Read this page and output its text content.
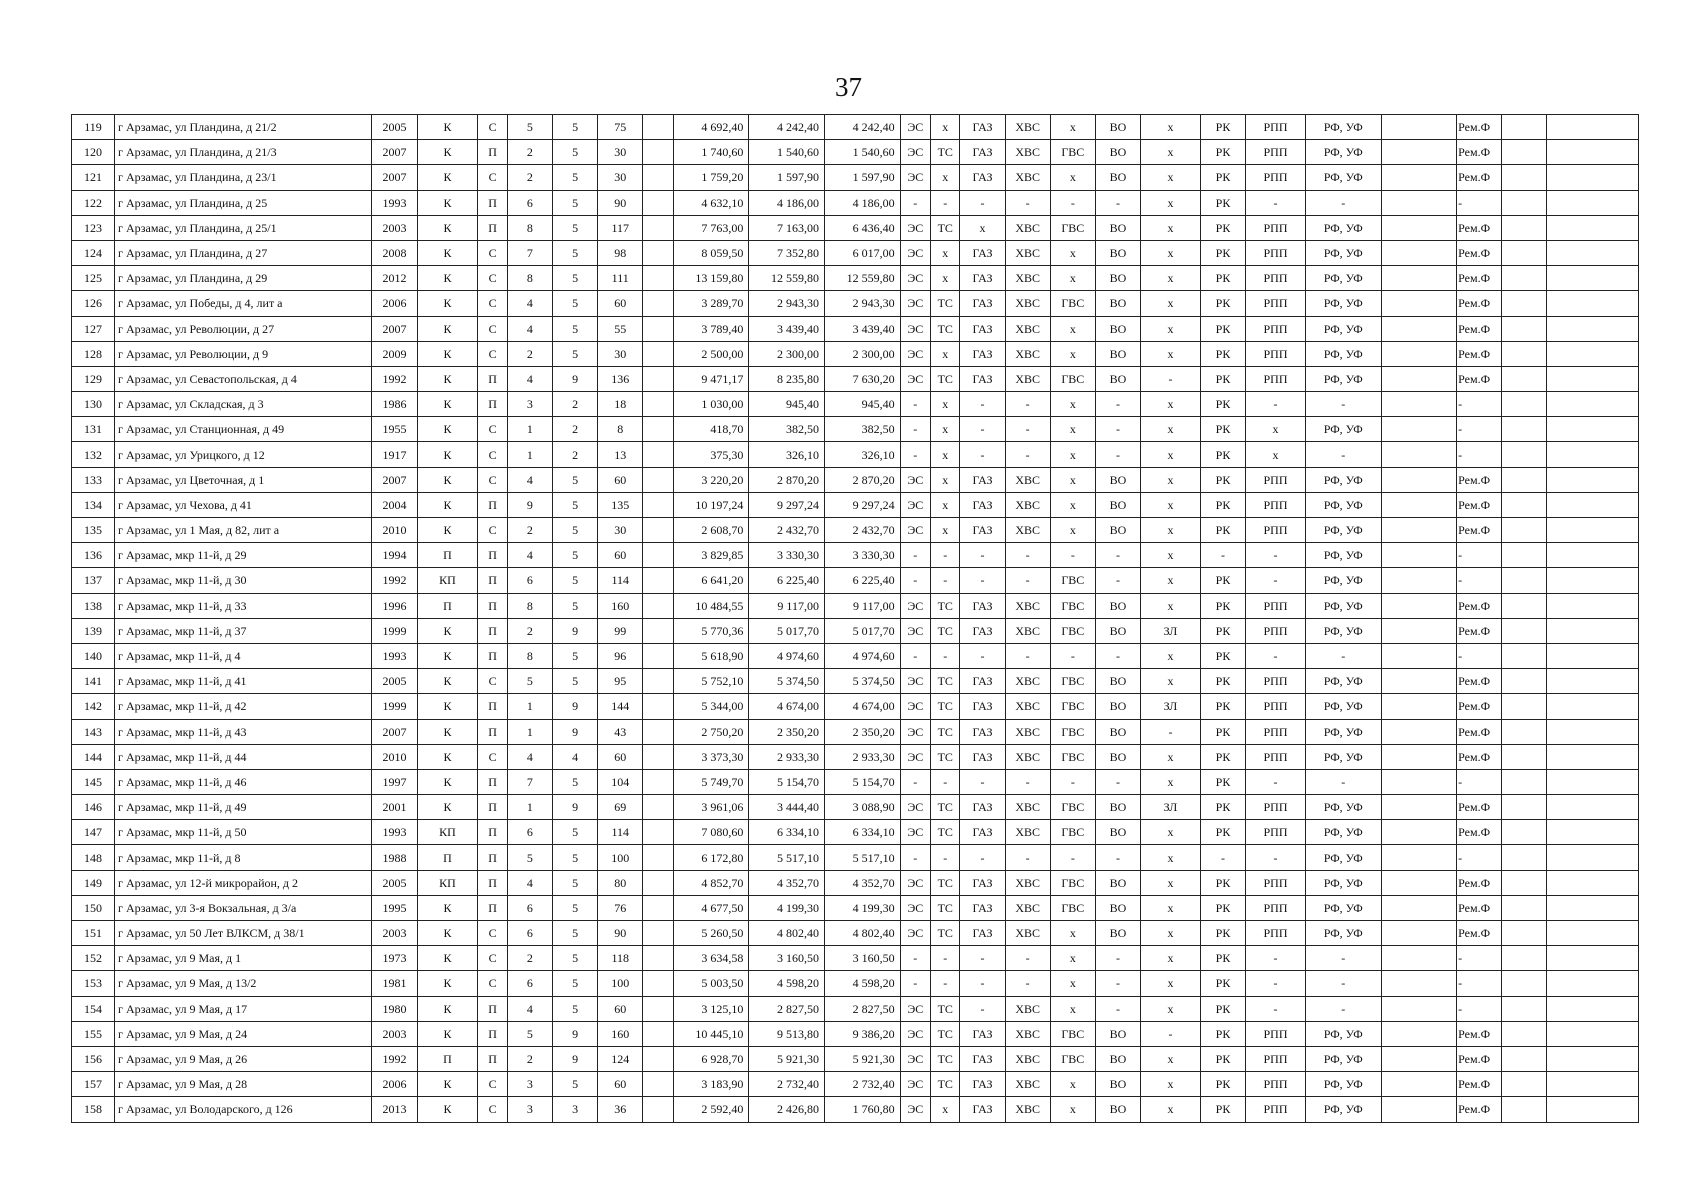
37
119	г Арзамас, ул Пландина, д 21/2	2005	К	С	5	5	75		4 692,40	4 242,40	4 242,40	ЭС	х	ГАЗ	ХВС	х	ВО	х	РК	РПП	РФ, УФ		Рем.Ф		
120	г Арзамас, ул Пландина, д 21/3	2007	К	П	2	5	30		1 740,60	1 540,60	1 540,60	ЭС	ТС	ГАЗ	ХВС	ГВС	ВО	х	РК	РПП	РФ, УФ		Рем.Ф		
121	г Арзамас, ул Пландина, д 23/1	2007	К	С	2	5	30		1 759,20	1 597,90	1 597,90	ЭС	х	ГАЗ	ХВС	х	ВО	х	РК	РПП	РФ, УФ		Рем.Ф		
122	г Арзамас, ул Пландина, д 25	1993	К	П	6	5	90		4 632,10	4 186,00	4 186,00	-	-	-	-	-	-	х	РК	-	-		-		
123	г Арзамас, ул Пландина, д 25/1	2003	К	П	8	5	117		7 763,00	7 163,00	6 436,40	ЭС	ТС	х	ХВС	ГВС	ВО	х	РК	РПП	РФ, УФ		Рем.Ф		
124	г Арзамас, ул Пландина, д 27	2008	К	С	7	5	98		8 059,50	7 352,80	6 017,00	ЭС	х	ГАЗ	ХВС	х	ВО	х	РК	РПП	РФ, УФ		Рем.Ф		
125	г Арзамас, ул Пландина, д 29	2012	К	С	8	5	111		13 159,80	12 559,80	12 559,80	ЭС	х	ГАЗ	ХВС	х	ВО	х	РК	РПП	РФ, УФ		Рем.Ф		
126	г Арзамас, ул Победы, д 4, лит а	2006	К	С	4	5	60		3 289,70	2 943,30	2 943,30	ЭС	ТС	ГАЗ	ХВС	ГВС	ВО	х	РК	РПП	РФ, УФ		Рем.Ф		
127	г Арзамас, ул Революции, д 27	2007	К	С	4	5	55		3 789,40	3 439,40	3 439,40	ЭС	ТС	ГАЗ	ХВС	х	ВО	х	РК	РПП	РФ, УФ		Рем.Ф		
128	г Арзамас, ул Революции, д 9	2009	К	С	2	5	30		2 500,00	2 300,00	2 300,00	ЭС	х	ГАЗ	ХВС	х	ВО	х	РК	РПП	РФ, УФ		Рем.Ф		
129	г Арзамас, ул Севастопольская, д 4	1992	К	П	4	9	136		9 471,17	8 235,80	7 630,20	ЭС	ТС	ГАЗ	ХВС	ГВС	ВО	-	РК	РПП	РФ, УФ		Рем.Ф		
130	г Арзамас, ул Складская, д 3	1986	К	П	3	2	18		1 030,00	945,40	945,40	-	х	-	-	х	-	х	РК	-	-		-		
131	г Арзамас, ул Станционная, д 49	1955	К	С	1	2	8		418,70	382,50	382,50	-	х	-	-	х	-	х	РК	х	РФ, УФ		-		
132	г Арзамас, ул Урицкого, д 12	1917	К	С	1	2	13		375,30	326,10	326,10	-	х	-	-	х	-	х	РК	х	-		-		
133	г Арзамас, ул Цветочная, д 1	2007	К	С	4	5	60		3 220,20	2 870,20	2 870,20	ЭС	х	ГАЗ	ХВС	х	ВО	х	РК	РПП	РФ, УФ		Рем.Ф		
134	г Арзамас, ул Чехова, д 41	2004	К	П	9	5	135		10 197,24	9 297,24	9 297,24	ЭС	х	ГАЗ	ХВС	х	ВО	х	РК	РПП	РФ, УФ		Рем.Ф		
135	г Арзамас, ул 1 Мая, д 82, лит а	2010	К	С	2	5	30		2 608,70	2 432,70	2 432,70	ЭС	х	ГАЗ	ХВС	х	ВО	х	РК	РПП	РФ, УФ		Рем.Ф		
136	г Арзамас, мкр 11-й, д 29	1994	П	П	4	5	60		3 829,85	3 330,30	3 330,30	-	-	-	-	-	-	х	-	-	РФ, УФ		-		
137	г Арзамас, мкр 11-й, д 30	1992	КП	П	6	5	114		6 641,20	6 225,40	6 225,40	-	-	-	-	ГВС	-	х	РК	-	РФ, УФ		-		
138	г Арзамас, мкр 11-й, д 33	1996	П	П	8	5	160		10 484,55	9 117,00	9 117,00	ЭС	ТС	ГАЗ	ХВС	ГВС	ВО	х	РК	РПП	РФ, УФ		Рем.Ф		
139	г Арзамас, мкр 11-й, д 37	1999	К	П	2	9	99		5 770,36	5 017,70	5 017,70	ЭС	ТС	ГАЗ	ХВС	ГВС	ВО	ЗЛ	РК	РПП	РФ, УФ		Рем.Ф		
140	г Арзамас, мкр 11-й, д 4	1993	К	П	8	5	96		5 618,90	4 974,60	4 974,60	-	-	-	-	-	-	х	РК	-	-		-		
141	г Арзамас, мкр 11-й, д 41	2005	К	С	5	5	95		5 752,10	5 374,50	5 374,50	ЭС	ТС	ГАЗ	ХВС	ГВС	ВО	х	РК	РПП	РФ, УФ		Рем.Ф		
142	г Арзамас, мкр 11-й, д 42	1999	К	П	1	9	144		5 344,00	4 674,00	4 674,00	ЭС	ТС	ГАЗ	ХВС	ГВС	ВО	ЗЛ	РК	РПП	РФ, УФ		Рем.Ф		
143	г Арзамас, мкр 11-й, д 43	2007	К	П	1	9	43		2 750,20	2 350,20	2 350,20	ЭС	ТС	ГАЗ	ХВС	ГВС	ВО	-	РК	РПП	РФ, УФ		Рем.Ф		
144	г Арзамас, мкр 11-й, д 44	2010	К	С	4	4	60		3 373,30	2 933,30	2 933,30	ЭС	ТС	ГАЗ	ХВС	ГВС	ВО	х	РК	РПП	РФ, УФ		Рем.Ф		
145	г Арзамас, мкр 11-й, д 46	1997	К	П	7	5	104		5 749,70	5 154,70	5 154,70	-	-	-	-	-	-	х	РК	-	-		-		
146	г Арзамас, мкр 11-й, д 49	2001	К	П	1	9	69		3 961,06	3 444,40	3 088,90	ЭС	ТС	ГАЗ	ХВС	ГВС	ВО	ЗЛ	РК	РПП	РФ, УФ		Рем.Ф		
147	г Арзамас, мкр 11-й, д 50	1993	КП	П	6	5	114		7 080,60	6 334,10	6 334,10	ЭС	ТС	ГАЗ	ХВС	ГВС	ВО	х	РК	РПП	РФ, УФ		Рем.Ф		
148	г Арзамас, мкр 11-й, д 8	1988	П	П	5	5	100		6 172,80	5 517,10	5 517,10	-	-	-	-	-	-	х	-	-	РФ, УФ		-		
149	г Арзамас, ул 12-й микрорайон, д 2	2005	КП	П	4	5	80		4 852,70	4 352,70	4 352,70	ЭС	ТС	ГАЗ	ХВС	ГВС	ВО	х	РК	РПП	РФ, УФ		Рем.Ф		
150	г Арзамас, ул 3-я Вокзальная, д 3/а	1995	К	П	6	5	76		4 677,50	4 199,30	4 199,30	ЭС	ТС	ГАЗ	ХВС	ГВС	ВО	х	РК	РПП	РФ, УФ		Рем.Ф		
151	г Арзамас, ул 50 Лет ВЛКСМ, д 38/1	2003	К	С	6	5	90		5 260,50	4 802,40	4 802,40	ЭС	ТС	ГАЗ	ХВС	х	ВО	х	РК	РПП	РФ, УФ		Рем.Ф		
152	г Арзамас, ул 9 Мая, д 1	1973	К	С	2	5	118		3 634,58	3 160,50	3 160,50	-	-	-	-	х	-	х	РК	-	-		-		
153	г Арзамас, ул 9 Мая, д 13/2	1981	К	С	6	5	100		5 003,50	4 598,20	4 598,20	-	-	-	-	х	-	х	РК	-	-		-		
154	г Арзамас, ул 9 Мая, д 17	1980	К	П	4	5	60		3 125,10	2 827,50	2 827,50	ЭС	ТС	-	ХВС	х	-	х	РК	-	-		-		
155	г Арзамас, ул 9 Мая, д 24	2003	К	П	5	9	160		10 445,10	9 513,80	9 386,20	ЭС	ТС	ГАЗ	ХВС	ГВС	ВО	-	РК	РПП	РФ, УФ		Рем.Ф		
156	г Арзамас, ул 9 Мая, д 26	1992	П	П	2	9	124		6 928,70	5 921,30	5 921,30	ЭС	ТС	ГАЗ	ХВС	ГВС	ВО	х	РК	РПП	РФ, УФ		Рем.Ф		
157	г Арзамас, ул 9 Мая, д 28	2006	К	С	3	5	60		3 183,90	2 732,40	2 732,40	ЭС	ТС	ГАЗ	ХВС	х	ВО	х	РК	РПП	РФ, УФ		Рем.Ф		
158	г Арзамас, ул Володарского, д 126	2013	К	С	3	3	36		2 592,40	2 426,80	1 760,80	ЭС	х	ГАЗ	ХВС	х	ВО	х	РК	РПП	РФ, УФ		Рем.Ф		
